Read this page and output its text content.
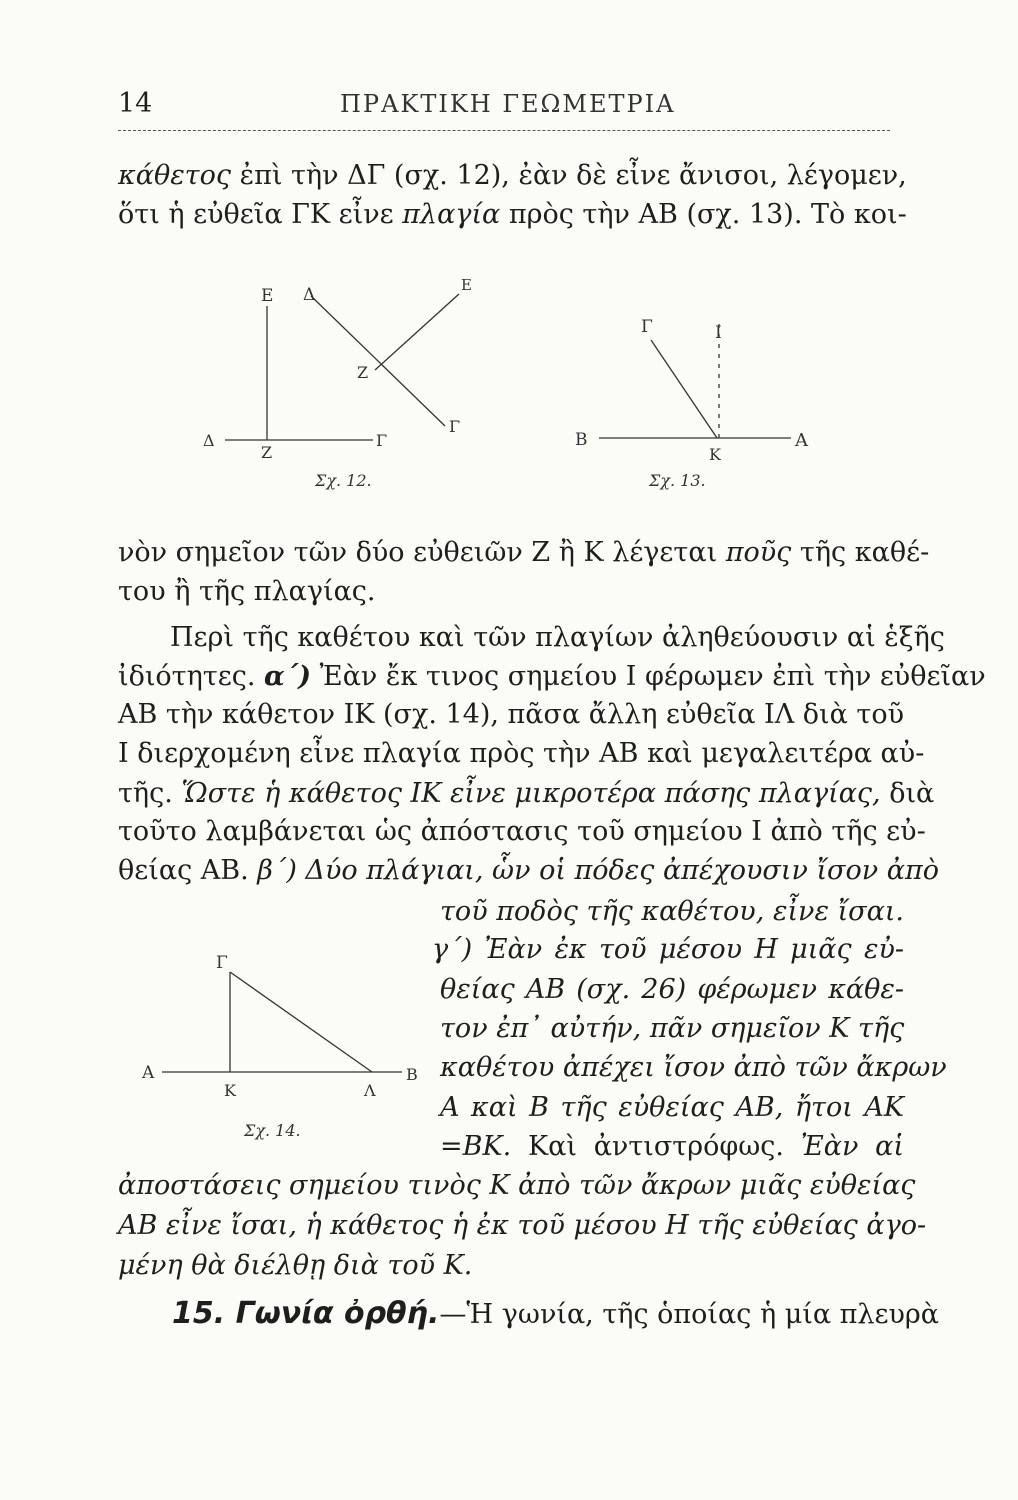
14	ΠΡΑΚΤΙΚΗ ΓΕΩΜΕΤΡΙΑ
κάθετος ἐπὶ τὴν ΔΓ (σχ. 12), ἐὰν δὲ εἶνε ἄνισοι, λέγομεν,
ὅτι ἡ εὐθεῖα ΓΚ εἶνε πλαγία πρὸς τὴν ΑΒ (σχ. 13). Τὸ κοι-
Ε Δ
Δ
Ζ
Γ
Ζ
Γ
Ε
Σχ. 12.
Γ	Ι
Β
Κ
Α
Σχ. 13.
νὸν σημεῖον τῶν δύο εὐθειῶν Ζ ἢ Κ λέγεται ποῦς τῆς καθέ-
του ἢ τῆς πλαγίας.
Περὶ τῆς καθέτου καὶ τῶν πλαγίων ἀληθεύουσιν αἱ ἑξῆς
ἰδιότητες. α΄) Ἐὰν ἔκ τινος σημείου Ι φέρωμεν ἐπὶ τὴν εὐθεῖαν
ΑΒ τὴν κάθετον ΙΚ (σχ. 14), πᾶσα ἄλλη εὐθεῖα ΙΛ διὰ τοῦ
Ι διερχομένη εἶνε πλαγία πρὸς τὴν ΑΒ καὶ μεγαλειτέρα αὐ-
τῆς. Ὥστε ἡ κάθετος ΙΚ εἶνε μικροτέρα πάσης πλαγίας, διὰ
τοῦτο λαμβάνεται ὡς ἀπόστασις τοῦ σημείου Ι ἀπὸ τῆς εὐ-
θείας ΑΒ. β΄) Δύο πλάγιαι, ὧν οἱ πόδες ἀπέχουσιν ἴσον ἀπὸ
τοῦ ποδὸς τῆς καθέτου, εἶνε ἴσαι.
γ΄) Ἐὰν ἐκ τοῦ μέσου Η μιᾶς εὐ-
θείας ΑΒ (σχ. 26) φέρωμεν κάθε-
τον ἐπ᾽ αὐτήν, πᾶν σημεῖον Κ τῆς
καθέτου ἀπέχει ἴσον ἀπὸ τῶν ἄκρων
Α καὶ Β τῆς εὐθείας ΑΒ, ἤτοι ΑΚ
=ΒΚ. Καὶ ἀντιστρόφως. Ἐὰν αἱ
ἀποστάσεις σημείου τινὸς Κ ἀπὸ τῶν ἄκρων μιᾶς εὐθείας
ΑΒ εἶνε ἴσαι, ἡ κάθετος ἡ ἐκ τοῦ μέσου Η τῆς εὐθείας ἀγο-
μένη θὰ διέλθῃ διὰ τοῦ Κ.
Γ
Α
Κ	Λ
Β
Σχ. 14.
15. Γωνία ὀρθή.—Ἡ γωνία, τῆς ὁποίας ἡ μία πλευρὰ
